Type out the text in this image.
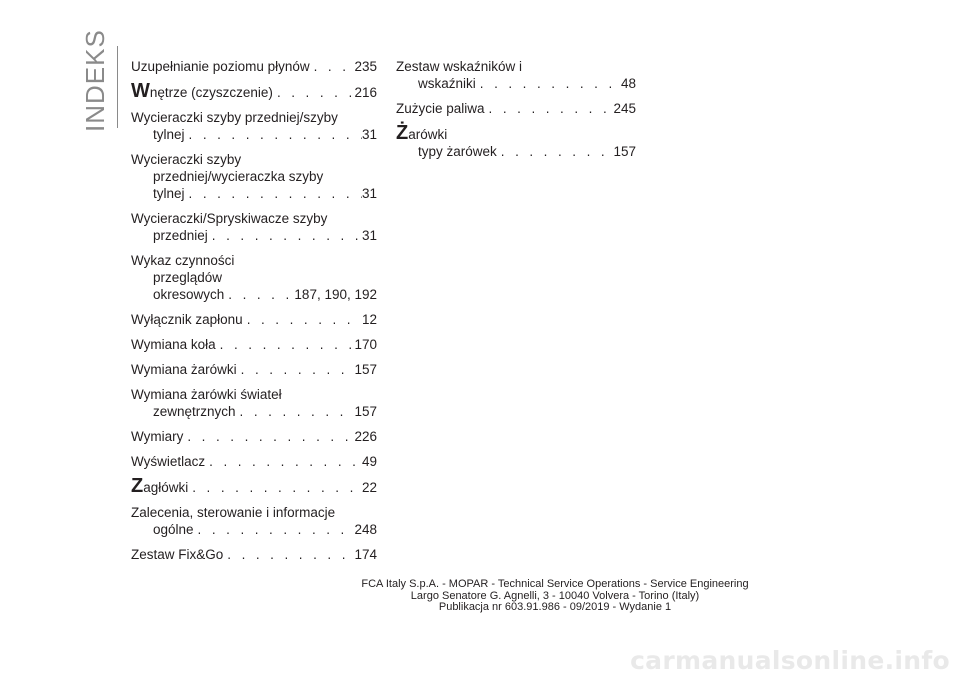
INDEKS Uzupełnianie poziomu płynów . . .	235
Wnętrze (czyszczenie) . . .	216
Wycieraczki szyby przedniej/szyby
tylnej . . .	31
Wycieraczki szyby
przedniej/wycieraczka szyby
tylnej . . .	31
Wycieraczki/Spryskiwacze szyby
przedniej . . .	31
Wykaz czynności
przeglądów
okresowych . . .	187, 190, 192
Wyłącznik zapłonu . . .	12
Wymiana koła . . .	170
Wymiana żarówki . . .	157
Wymiana żarówki świateł
zewnętrznych . . .	157
Wymiary . . .	226
Wyświetlacz . . .	49
Zagłówki . . .	22
Zalecenia, sterowanie i informacje
ogólne . . .	248
Zestaw Fix&Go . . .	174
Zestaw wskaźników i
wskaźniki . . .	48
Zużycie paliwa . . .	245
Żarówki
typy żarówek . . .	157
FCA Italy S.p.A. - MOPAR - Technical Service Operations - Service Engineering
Largo Senatore G. Agnelli, 3 - 10040 Volvera - Torino (Italy)
Publikacja nr 603.91.986 - 09/2019 - Wydanie 1
carmanualsonline.info
